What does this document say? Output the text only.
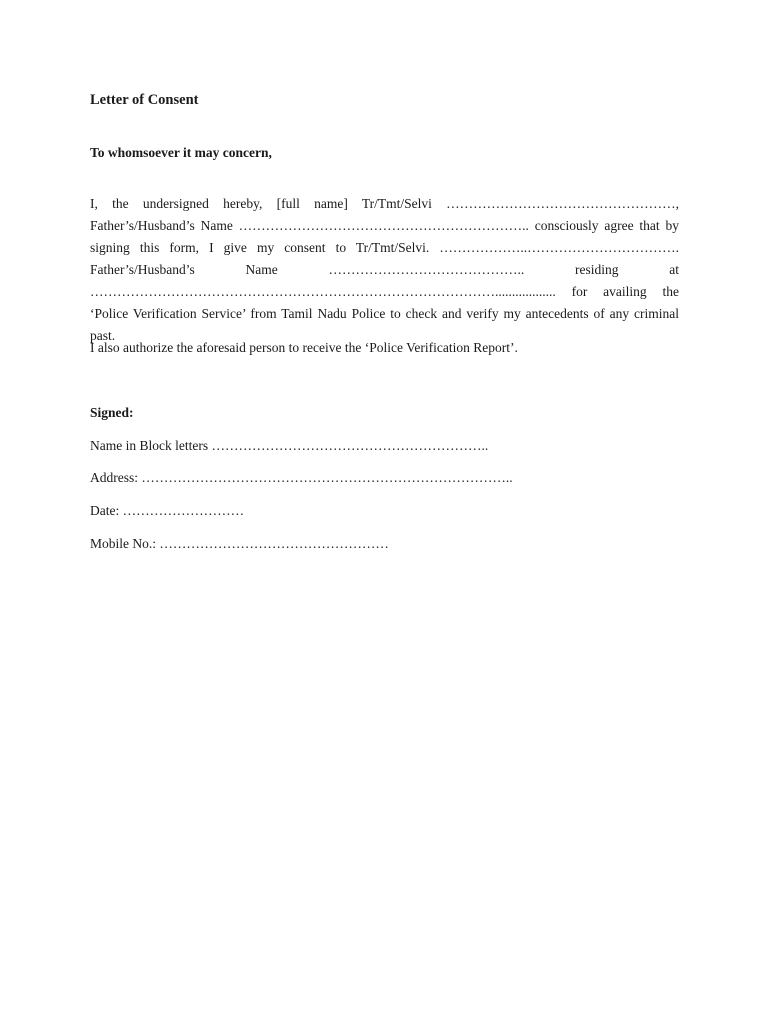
Letter of Consent

To whomsoever it may concern,

I, the undersigned hereby, [full name] Tr/Tmt/Selvi ……………………………………………, Father’s/Husband’s Name ……………………………………………………….. consciously agree that by signing this form, I give my consent to Tr/Tmt/Selvi. ………………..……………………………. Father’s/Husband’s Name …………………………………….. residing at ……………………………………………………………………………….................. for availing the ‘Police Verification Service’ from Tamil Nadu Police to check and verify my antecedents of any criminal past.

I also authorize the aforesaid person to receive the ‘Police Verification Report’.

Signed:

Name in Block letters ……………………………………………………..

Address: ………………………………………………………………………..

Date: ………………………

Mobile No.: ……………………………………………
